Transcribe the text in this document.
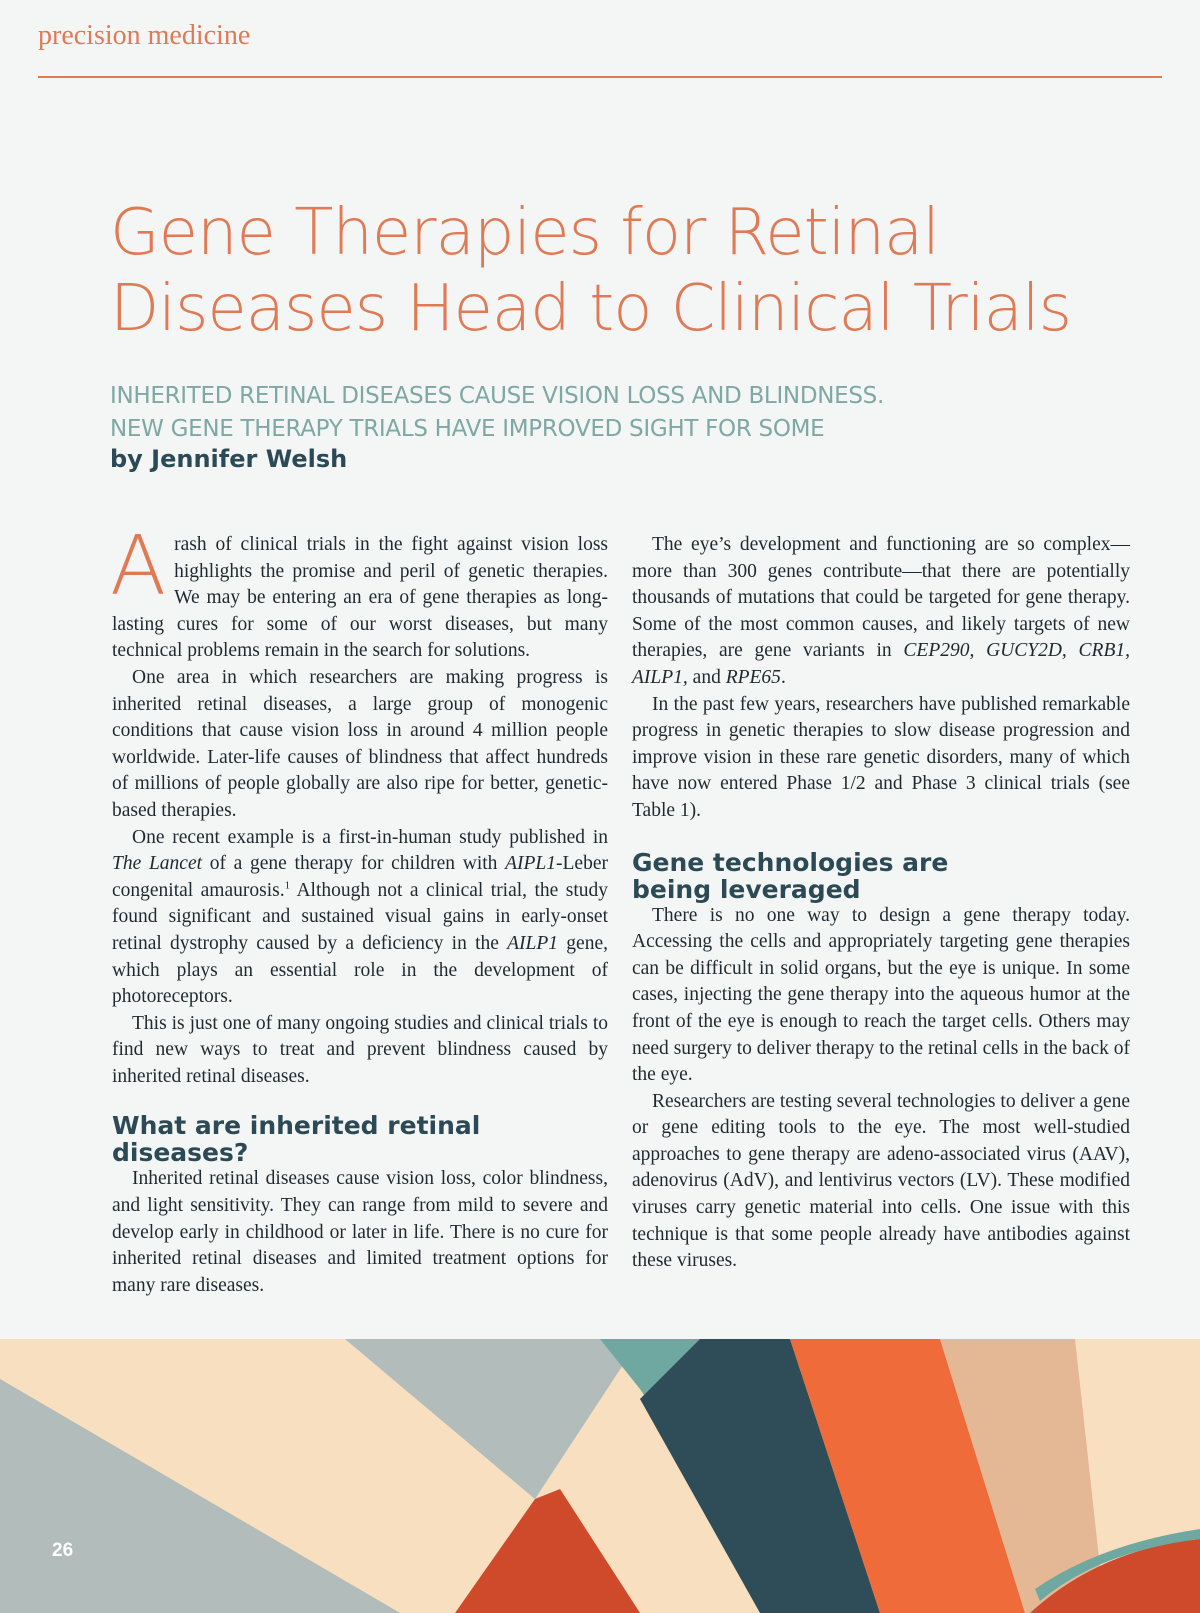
precision medicine
Gene Therapies for Retinal Diseases Head to Clinical Trials
INHERITED RETINAL DISEASES CAUSE VISION LOSS AND BLINDNESS.
NEW GENE THERAPY TRIALS HAVE IMPROVED SIGHT FOR SOME
by Jennifer Welsh

A rash of clinical trials in the fight against vision loss highlights the promise and peril of genetic therapies. We may be entering an era of gene therapies as long-lasting cures for some of our worst diseases, but many technical problems remain in the search for solutions.

One area in which researchers are making progress is inherited retinal diseases, a large group of monogenic conditions that cause vision loss in around 4 million people worldwide. Later-life causes of blindness that affect hundreds of millions of people globally are also ripe for better, genetic-based therapies.

One recent example is a first-in-human study published in The Lancet of a gene therapy for children with AIPL1-Leber congenital amaurosis.$^1$ Although not a clinical trial, the study found significant and sustained visual gains in early-onset retinal dystrophy caused by a deficiency in the AILP1 gene, which plays an essential role in the development of photoreceptors.

This is just one of many ongoing studies and clinical trials to find new ways to treat and prevent blindness caused by inherited retinal diseases.

What are inherited retinal diseases?

Inherited retinal diseases cause vision loss, color blindness, and light sensitivity. They can range from mild to severe and develop early in childhood or later in life. There is no cure for inherited retinal diseases and limited treatment options for many rare diseases.

The eye’s development and functioning are so complex—more than 300 genes contribute—that there are potentially thousands of mutations that could be targeted for gene therapy. Some of the most common causes, and likely targets of new therapies, are gene variants in CEP290, GUCY2D, CRB1, AILP1, and RPE65.

In the past few years, researchers have published remarkable progress in genetic therapies to slow disease progression and improve vision in these rare genetic disorders, many of which have now entered Phase 1/2 and Phase 3 clinical trials (see Table 1).

Gene technologies are
being leveraged

There is no one way to design a gene therapy today. Accessing the cells and appropriately targeting gene therapies can be difficult in solid organs, but the eye is unique. In some cases, injecting the gene therapy into the aqueous humor at the front of the eye is enough to reach the target cells. Others may need surgery to deliver therapy to the retinal cells in the back of the eye.

Researchers are testing several technologies to deliver a gene or gene editing tools to the eye. The most well-studied approaches to gene therapy are adeno-associated virus (AAV), adenovirus (AdV), and lentivirus vectors (LV). These modified viruses carry genetic material into cells. One issue with this technique is that some people already have antibodies against these viruses.

26
